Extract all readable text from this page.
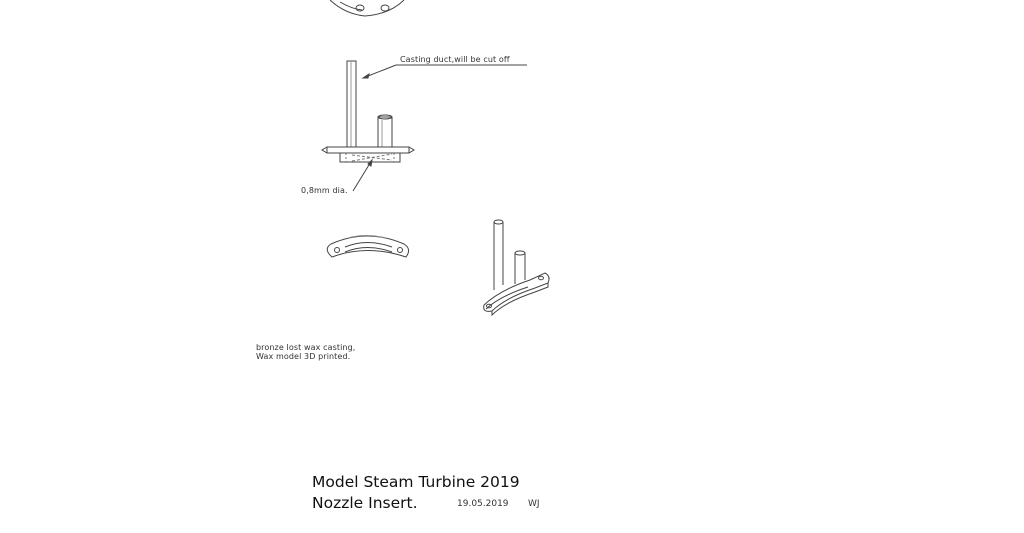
Casting duct,will be cut off
0,8mm dia.
bronze lost wax casting,
Wax model 3D printed.
Model Steam Turbine 2019
Nozzle Insert.	19.05.2019 WJ
